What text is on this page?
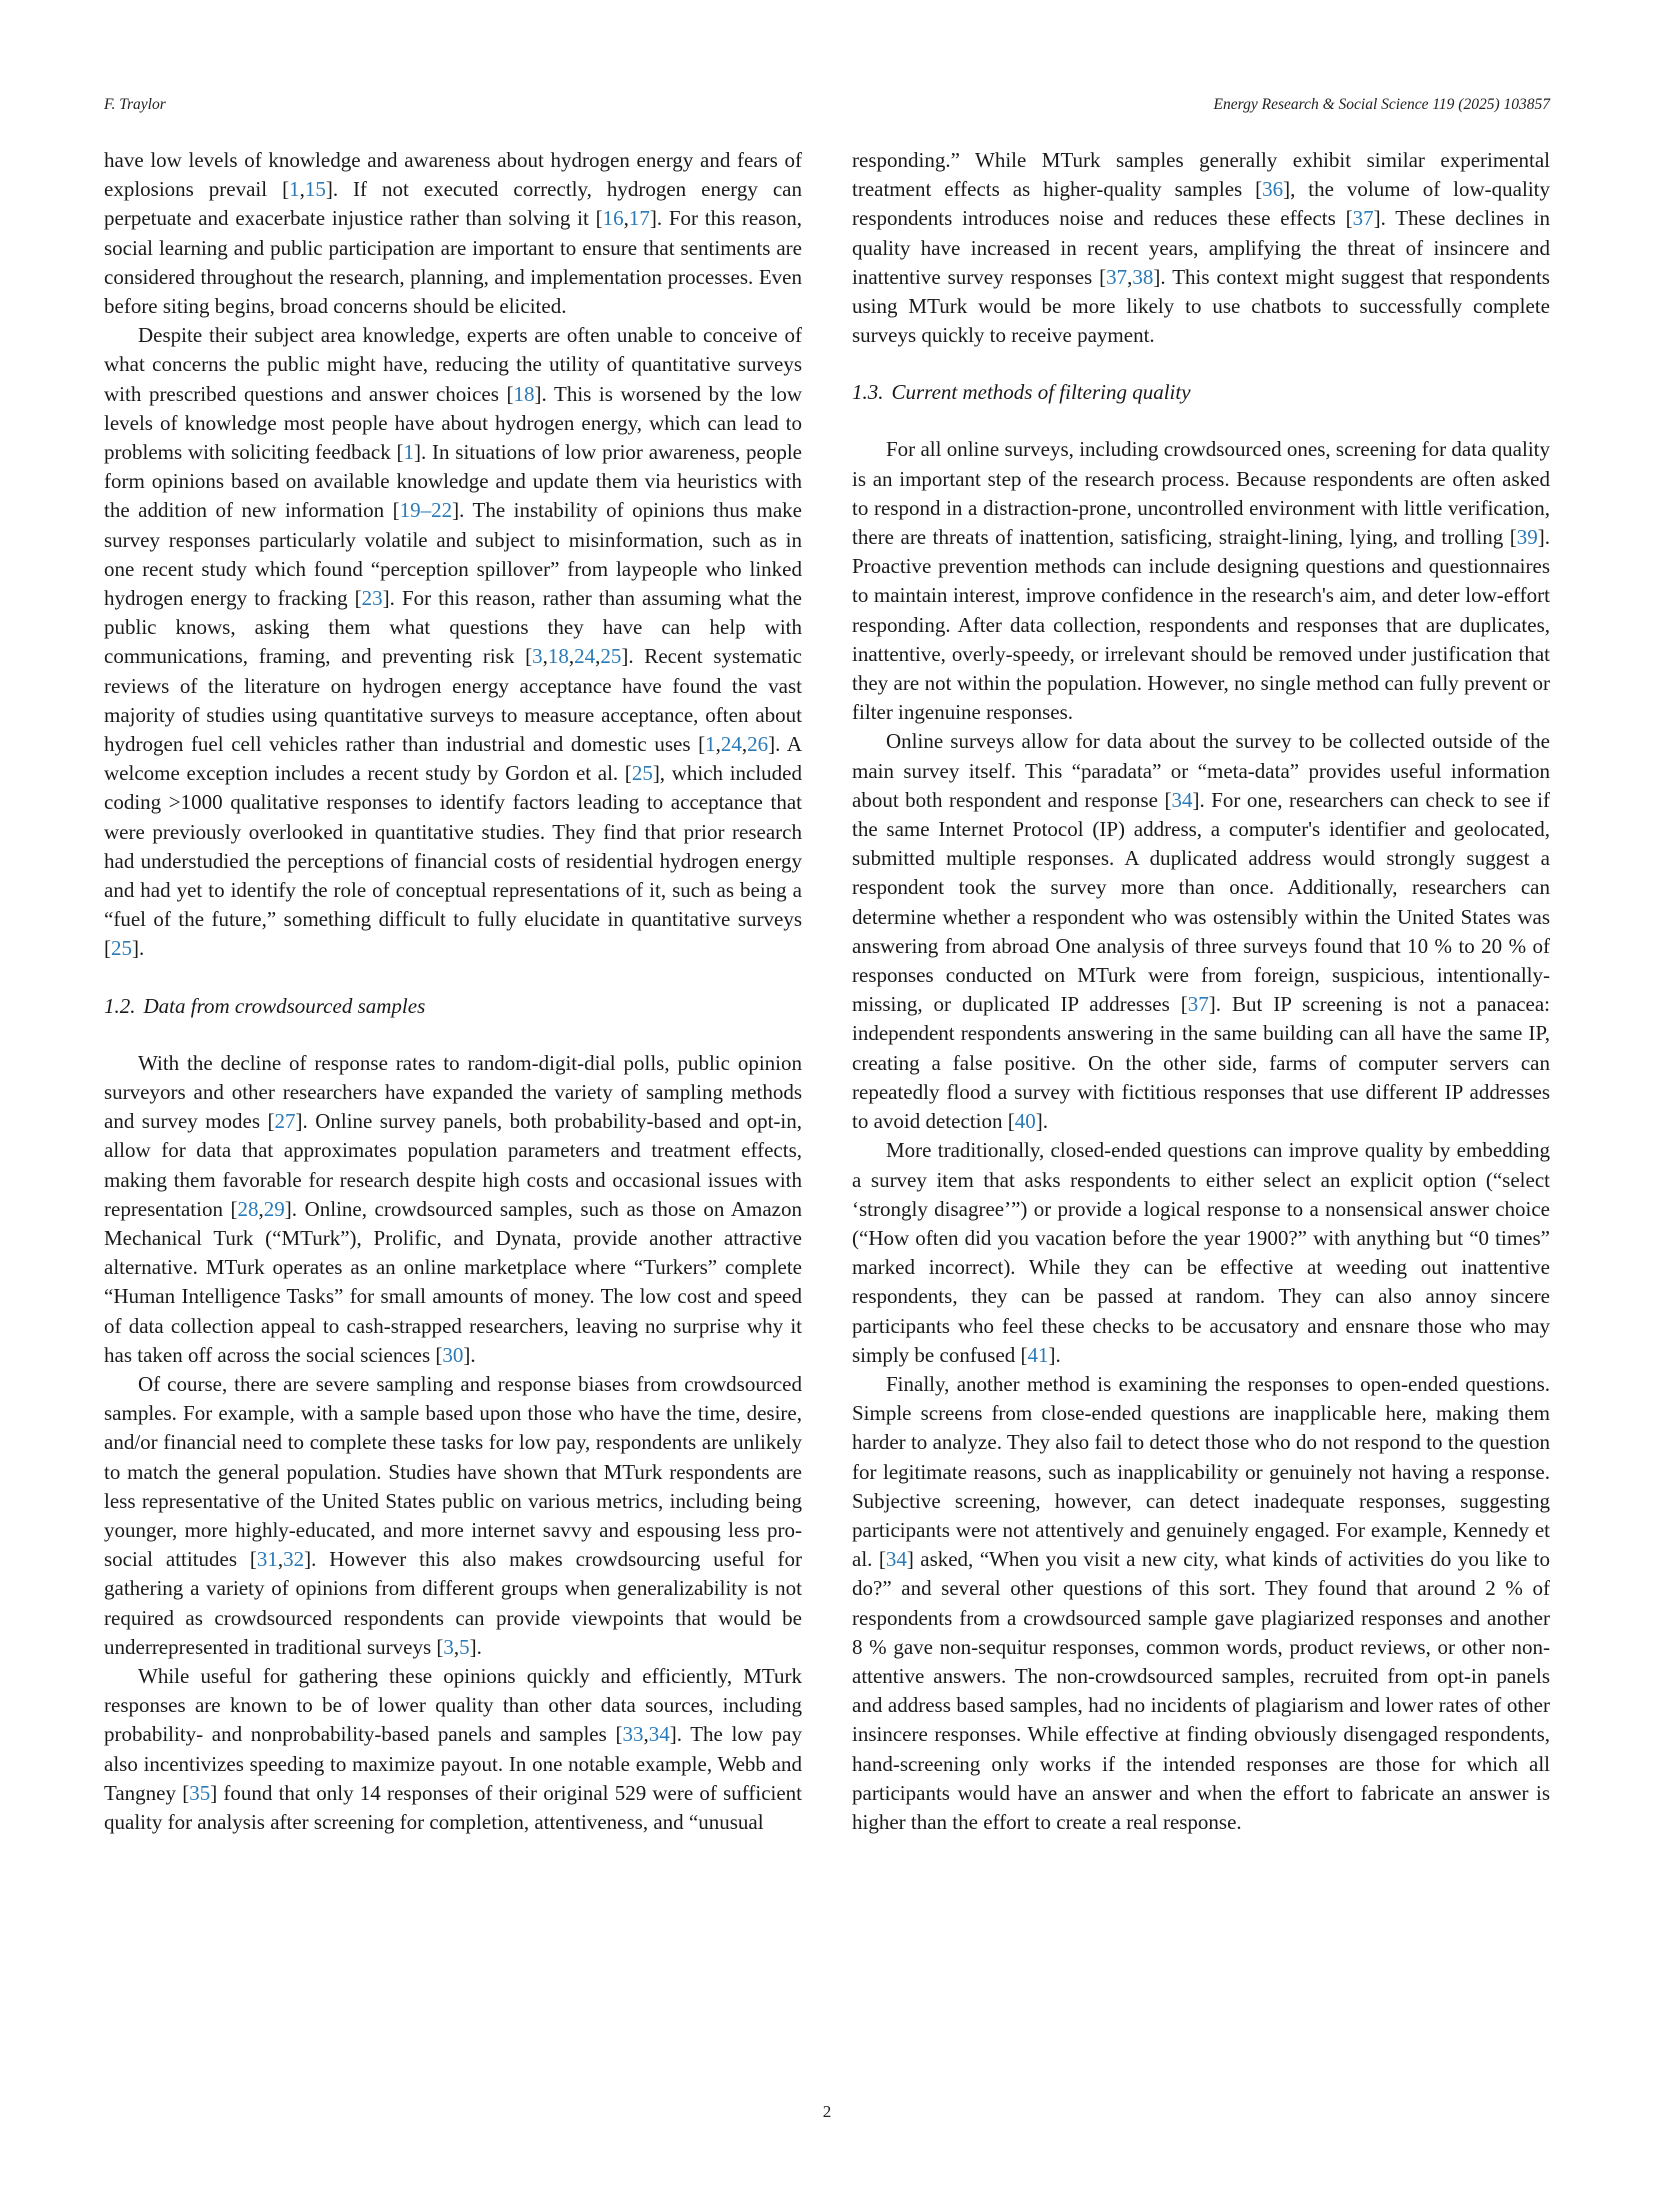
F. Traylor	Energy Research & Social Science 119 (2025) 103857

have low levels of knowledge and awareness about hydrogen energy and fears of explosions prevail [1,15]. If not executed correctly, hydrogen energy can perpetuate and exacerbate injustice rather than solving it [16,17]. For this reason, social learning and public participation are important to ensure that sentiments are considered throughout the research, planning, and implementation processes. Even before siting begins, broad concerns should be elicited.

Despite their subject area knowledge, experts are often unable to conceive of what concerns the public might have, reducing the utility of quantitative surveys with prescribed questions and answer choices [18]. This is worsened by the low levels of knowledge most people have about hydrogen energy, which can lead to problems with soliciting feedback [1]. In situations of low prior awareness, people form opinions based on available knowledge and update them via heuristics with the addition of new information [19–22]. The instability of opinions thus make survey responses particularly volatile and subject to misinformation, such as in one recent study which found “perception spillover” from laypeople who linked hydrogen energy to fracking [23]. For this reason, rather than assuming what the public knows, asking them what questions they have can help with communications, framing, and preventing risk [3,18,24,25]. Recent systematic reviews of the literature on hydrogen energy acceptance have found the vast majority of studies using quantitative surveys to measure acceptance, often about hydrogen fuel cell vehicles rather than industrial and domestic uses [1,24,26]. A welcome exception includes a recent study by Gordon et al. [25], which included coding >1000 qualitative responses to identify factors leading to acceptance that were previously overlooked in quantitative studies. They find that prior research had understudied the perceptions of financial costs of residential hydrogen energy and had yet to identify the role of conceptual representations of it, such as being a “fuel of the future,” something difficult to fully elucidate in quantitative surveys [25].

1.2. Data from crowdsourced samples

With the decline of response rates to random-digit-dial polls, public opinion surveyors and other researchers have expanded the variety of sampling methods and survey modes [27]. Online survey panels, both probability-based and opt-in, allow for data that approximates population parameters and treatment effects, making them favorable for research despite high costs and occasional issues with representation [28,29]. Online, crowdsourced samples, such as those on Amazon Mechanical Turk (“MTurk”), Prolific, and Dynata, provide another attractive alternative. MTurk operates as an online marketplace where “Turkers” complete “Human Intelligence Tasks” for small amounts of money. The low cost and speed of data collection appeal to cash-strapped researchers, leaving no surprise why it has taken off across the social sciences [30].

Of course, there are severe sampling and response biases from crowdsourced samples. For example, with a sample based upon those who have the time, desire, and/or financial need to complete these tasks for low pay, respondents are unlikely to match the general population. Studies have shown that MTurk respondents are less representative of the United States public on various metrics, including being younger, more highly-educated, and more internet savvy and espousing less pro-social attitudes [31,32]. However this also makes crowdsourcing useful for gathering a variety of opinions from different groups when generalizability is not required as crowdsourced respondents can provide viewpoints that would be underrepresented in traditional surveys [3,5].

While useful for gathering these opinions quickly and efficiently, MTurk responses are known to be of lower quality than other data sources, including probability- and nonprobability-based panels and samples [33,34]. The low pay also incentivizes speeding to maximize payout. In one notable example, Webb and Tangney [35] found that only 14 responses of their original 529 were of sufficient quality for analysis after screening for completion, attentiveness, and “unusual

responding.” While MTurk samples generally exhibit similar experimental treatment effects as higher-quality samples [36], the volume of low-quality respondents introduces noise and reduces these effects [37]. These declines in quality have increased in recent years, amplifying the threat of insincere and inattentive survey responses [37,38]. This context might suggest that respondents using MTurk would be more likely to use chatbots to successfully complete surveys quickly to receive payment.

1.3. Current methods of filtering quality

For all online surveys, including crowdsourced ones, screening for data quality is an important step of the research process. Because respondents are often asked to respond in a distraction-prone, uncontrolled environment with little verification, there are threats of inattention, satisficing, straight-lining, lying, and trolling [39]. Proactive prevention methods can include designing questions and questionnaires to maintain interest, improve confidence in the research's aim, and deter low-effort responding. After data collection, respondents and responses that are duplicates, inattentive, overly-speedy, or irrelevant should be removed under justification that they are not within the population. However, no single method can fully prevent or filter ingenuine responses.

Online surveys allow for data about the survey to be collected outside of the main survey itself. This “paradata” or “meta-data” provides useful information about both respondent and response [34]. For one, researchers can check to see if the same Internet Protocol (IP) address, a computer's identifier and geolocated, submitted multiple responses. A duplicated address would strongly suggest a respondent took the survey more than once. Additionally, researchers can determine whether a respondent who was ostensibly within the United States was answering from abroad One analysis of three surveys found that 10 % to 20 % of responses conducted on MTurk were from foreign, suspicious, intentionally-missing, or duplicated IP addresses [37]. But IP screening is not a panacea: independent respondents answering in the same building can all have the same IP, creating a false positive. On the other side, farms of computer servers can repeatedly flood a survey with fictitious responses that use different IP addresses to avoid detection [40].

More traditionally, closed-ended questions can improve quality by embedding a survey item that asks respondents to either select an explicit option (“select ‘strongly disagree’”) or provide a logical response to a nonsensical answer choice (“How often did you vacation before the year 1900?” with anything but “0 times” marked incorrect). While they can be effective at weeding out inattentive respondents, they can be passed at random. They can also annoy sincere participants who feel these checks to be accusatory and ensnare those who may simply be confused [41].

Finally, another method is examining the responses to open-ended questions. Simple screens from close-ended questions are inapplicable here, making them harder to analyze. They also fail to detect those who do not respond to the question for legitimate reasons, such as inapplicability or genuinely not having a response. Subjective screening, however, can detect inadequate responses, suggesting participants were not attentively and genuinely engaged. For example, Kennedy et al. [34] asked, “When you visit a new city, what kinds of activities do you like to do?” and several other questions of this sort. They found that around 2 % of respondents from a crowdsourced sample gave plagiarized responses and another 8 % gave non-sequitur responses, common words, product reviews, or other non-attentive answers. The non-crowdsourced samples, recruited from opt-in panels and address based samples, had no incidents of plagiarism and lower rates of other insincere responses. While effective at finding obviously disengaged respondents, hand-screening only works if the intended responses are those for which all participants would have an answer and when the effort to fabricate an answer is higher than the effort to create a real response.

2
